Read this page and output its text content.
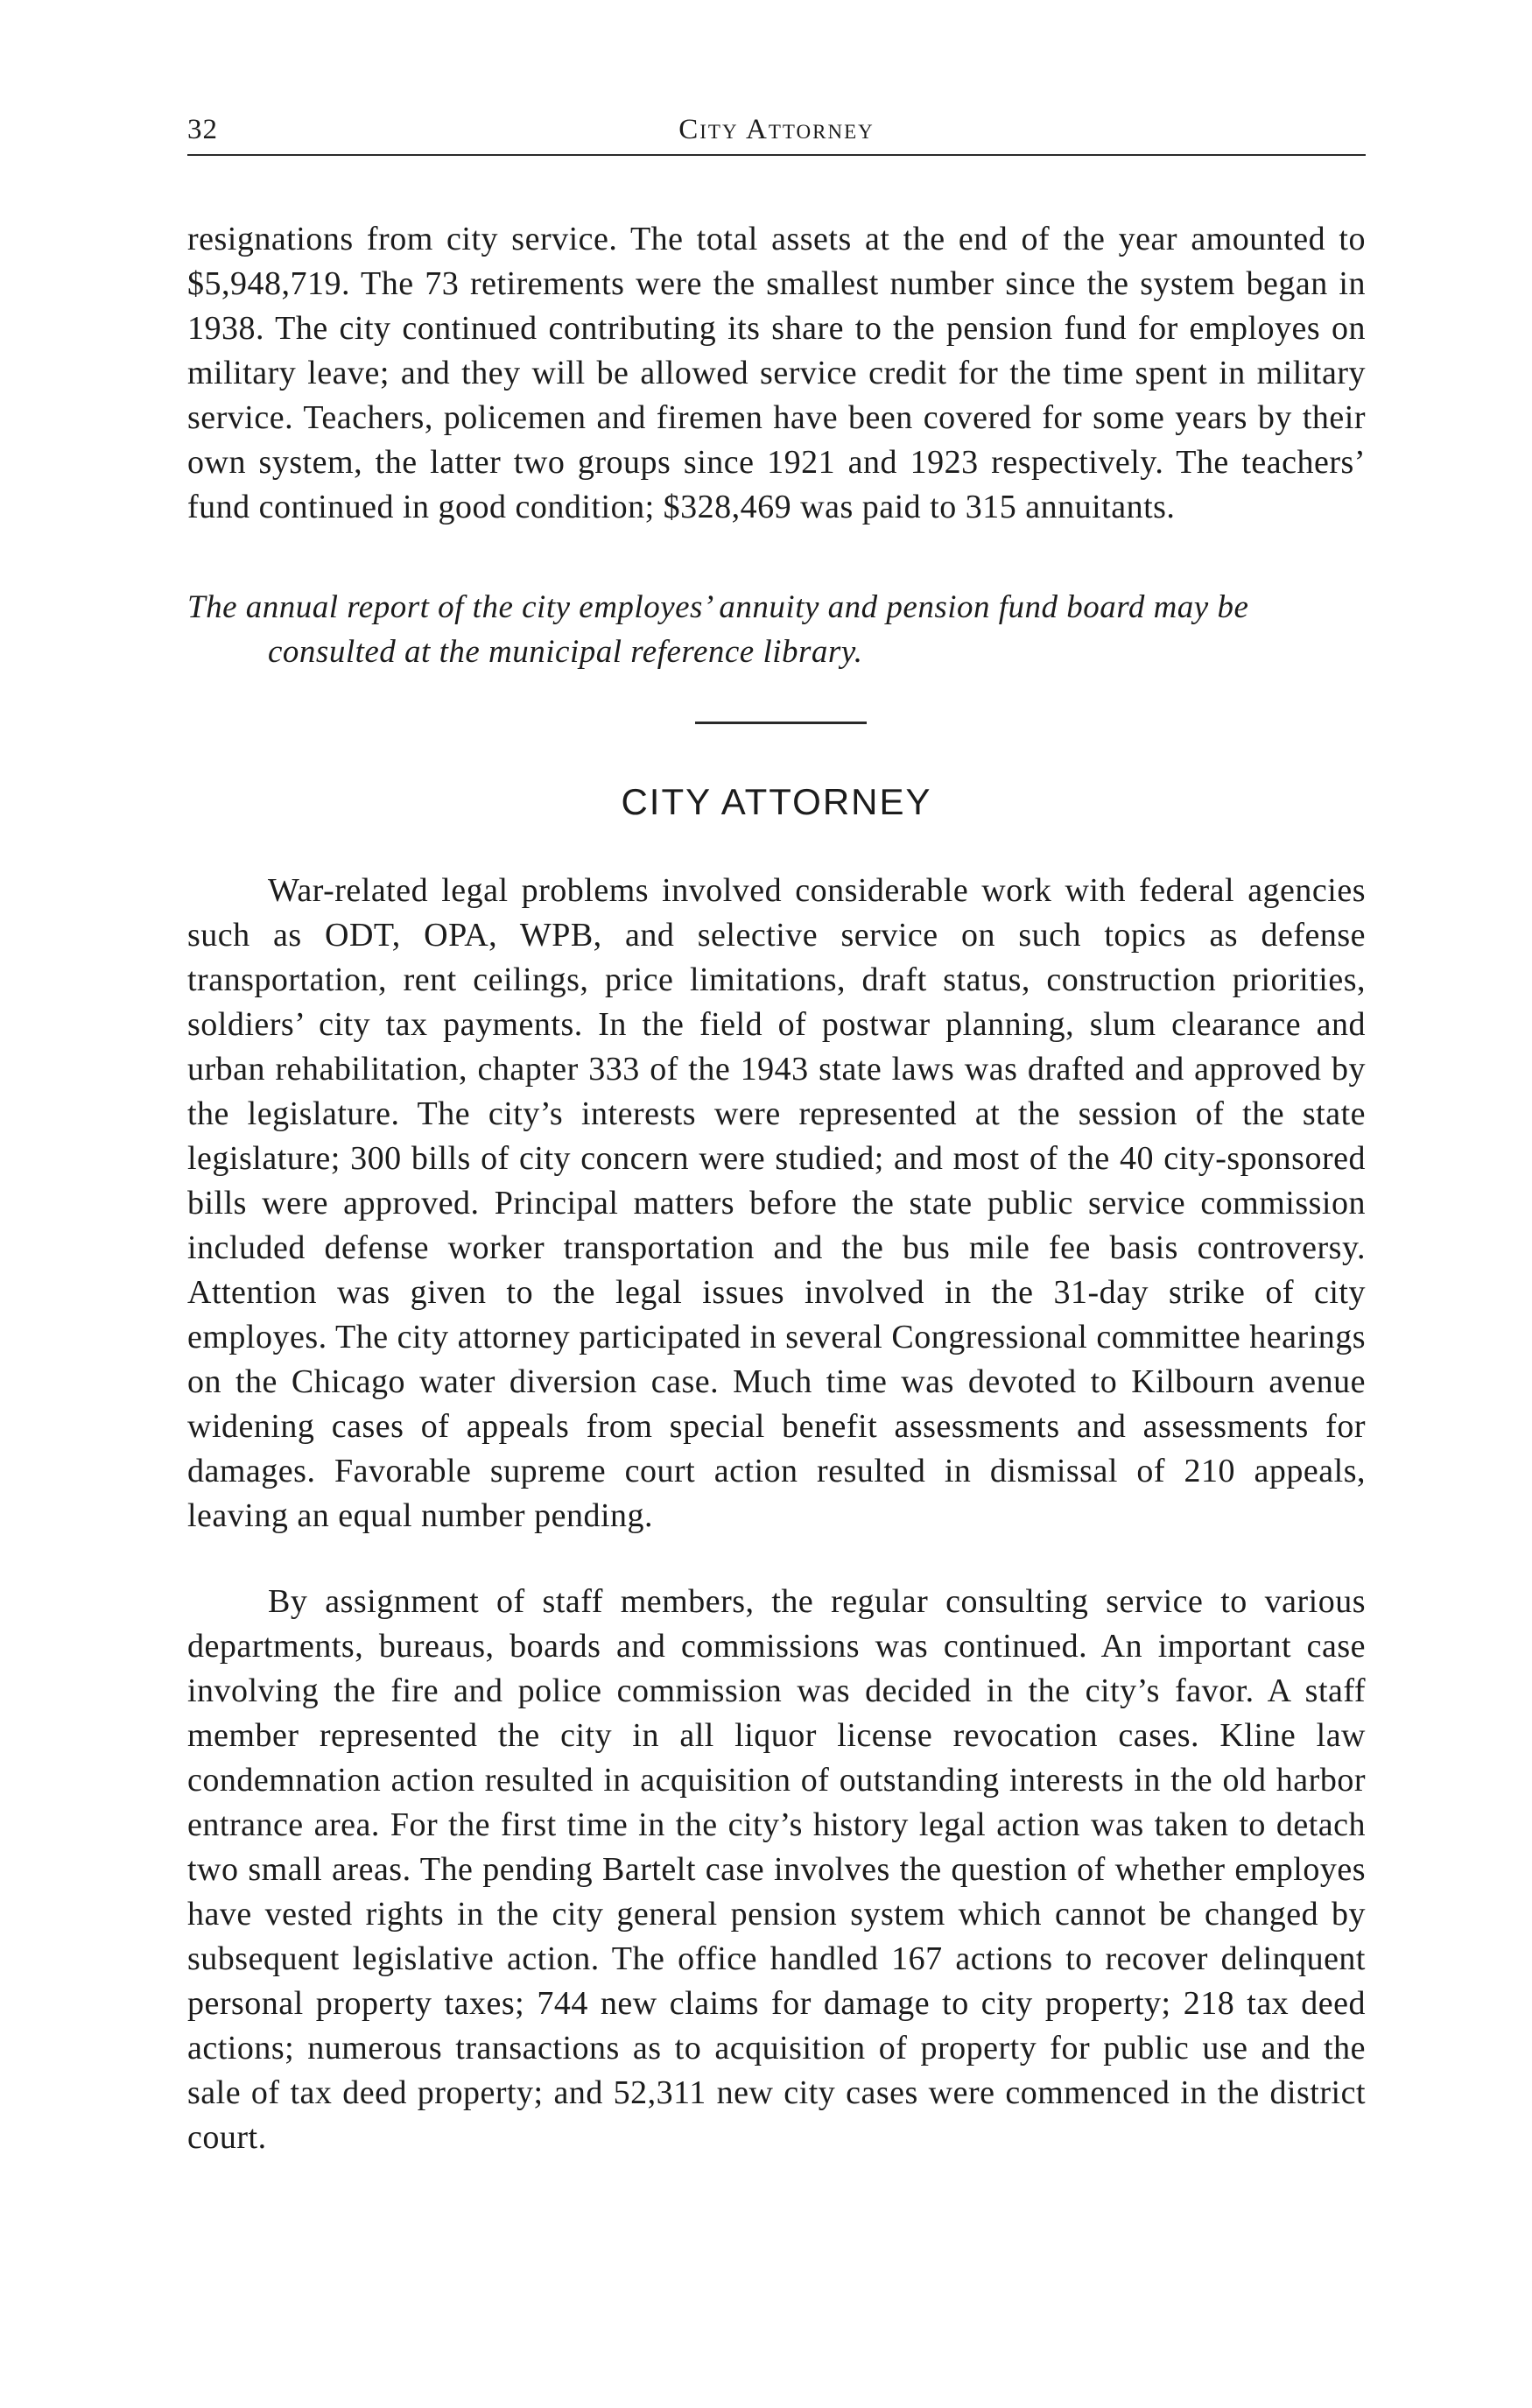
32	City Attorney

resignations from city service. The total assets at the end of the year amounted to $5,948,719. The 73 retirements were the smallest number since the system began in 1938. The city continued contributing its share to the pension fund for employes on military leave; and they will be allowed service credit for the time spent in military service. Teachers, policemen and firemen have been covered for some years by their own system, the latter two groups since 1921 and 1923 respectively. The teachers’ fund continued in good condition; $328,469 was paid to 315 annuitants.

The annual report of the city employes’ annuity and pension fund board may be consulted at the municipal reference library.

CITY ATTORNEY

War-related legal problems involved considerable work with federal agencies such as ODT, OPA, WPB, and selective service on such topics as defense transportation, rent ceilings, price limitations, draft status, construction priorities, soldiers’ city tax payments. In the field of postwar planning, slum clearance and urban rehabilitation, chapter 333 of the 1943 state laws was drafted and approved by the legislature. The city’s interests were represented at the session of the state legislature; 300 bills of city concern were studied; and most of the 40 city-sponsored bills were approved. Principal matters before the state public service commission included defense worker transportation and the bus mile fee basis controversy. Attention was given to the legal issues involved in the 31-day strike of city employes. The city attorney participated in several Congressional committee hearings on the Chicago water diversion case. Much time was devoted to Kilbourn avenue widening cases of appeals from special benefit assessments and assessments for damages. Favorable supreme court action resulted in dismissal of 210 appeals, leaving an equal number pending.

By assignment of staff members, the regular consulting service to various departments, bureaus, boards and commissions was continued. An important case involving the fire and police commission was decided in the city’s favor. A staff member represented the city in all liquor license revocation cases. Kline law condemnation action resulted in acquisition of outstanding interests in the old harbor entrance area. For the first time in the city’s history legal action was taken to detach two small areas. The pending Bartelt case involves the question of whether employes have vested rights in the city general pension system which cannot be changed by subsequent legislative action. The office handled 167 actions to recover delinquent personal property taxes; 744 new claims for damage to city property; 218 tax deed actions; numerous transactions as to acquisition of property for public use and the sale of tax deed property; and 52,311 new city cases were commenced in the district court.
